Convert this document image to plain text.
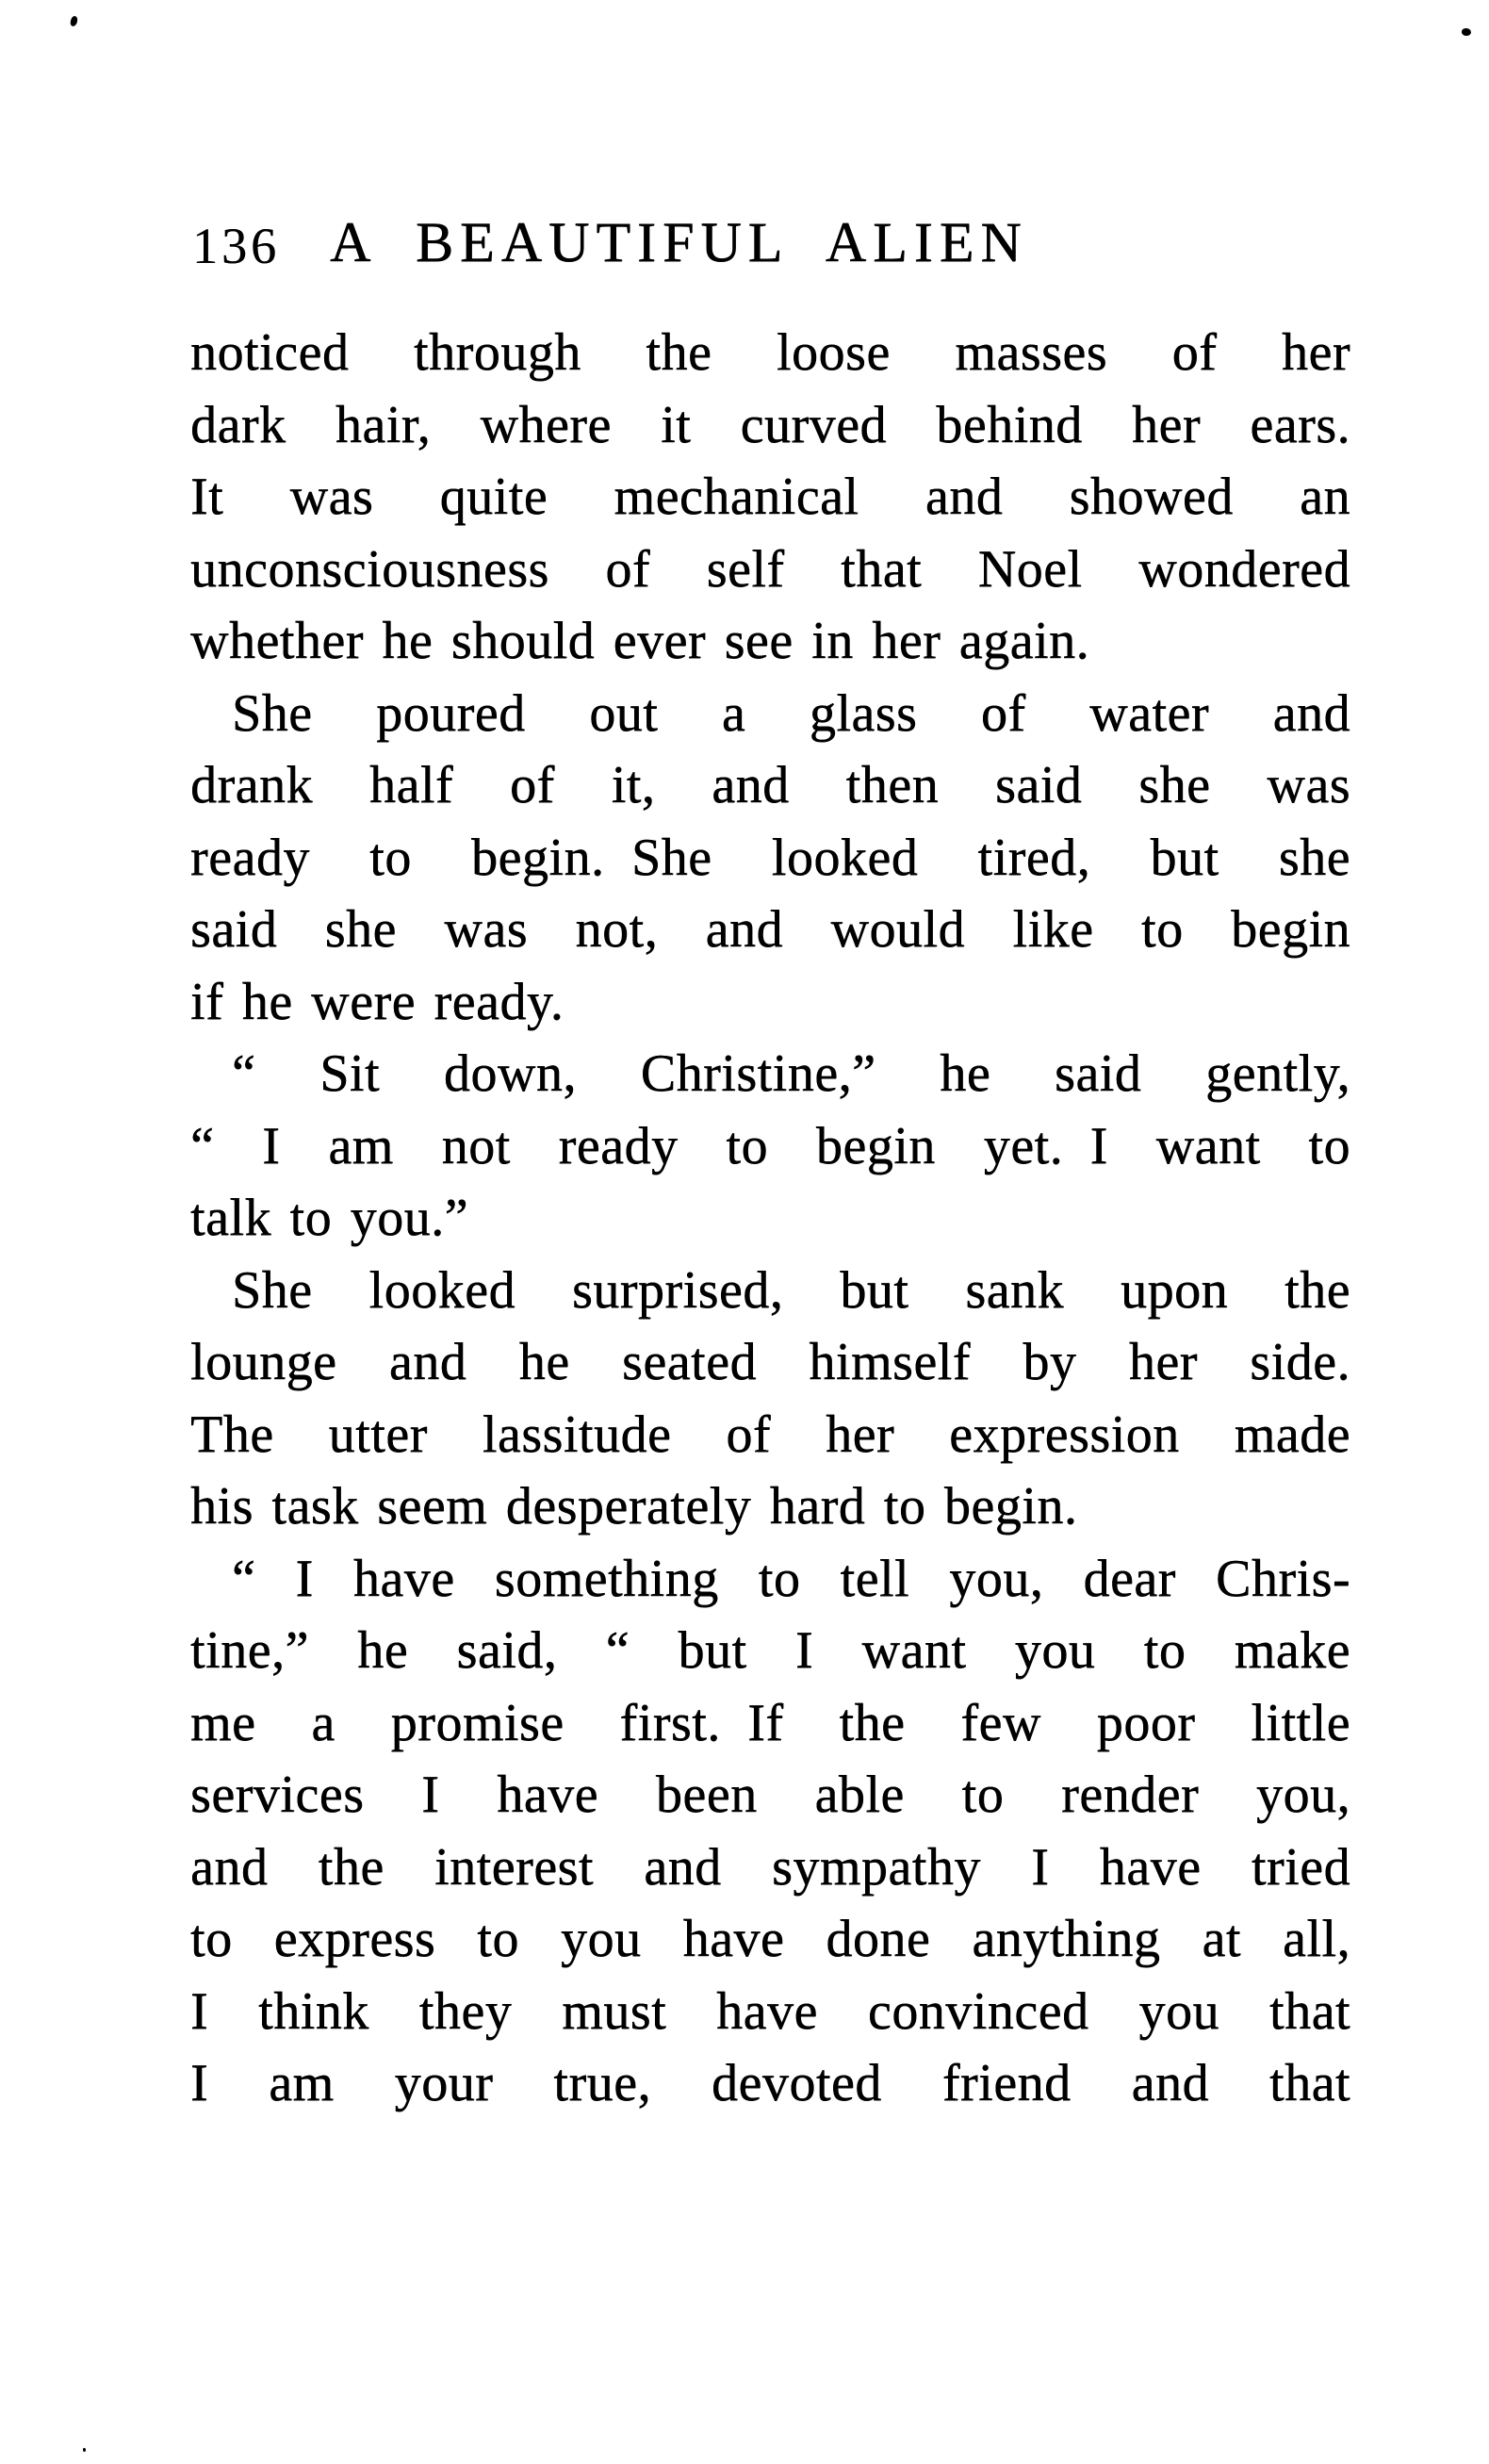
136 A BEAUTIFUL ALIEN
noticed through the loose masses of her
dark hair, where it curved behind her ears.
It was quite mechanical and showed an
unconsciousness of self that Noel wondered
whether he should ever see in her again.
She poured out a glass of water and
drank half of it, and then said she was
ready to begin. She looked tired, but she
said she was not, and would like to begin
if he were ready.
“ Sit down, Christine,” he said gently,
“ I am not ready to begin yet. I want to
talk to you.”
She looked surprised, but sank upon the
lounge and he seated himself by her side.
The utter lassitude of her expression made
his task seem desperately hard to begin.
“ I have something to tell you, dear Chris-
tine,” he said, “ but I want you to make
me a promise first. If the few poor little
services I have been able to render you,
and the interest and sympathy I have tried
to express to you have done anything at all,
I think they must have convinced you that
I am your true, devoted friend and that
